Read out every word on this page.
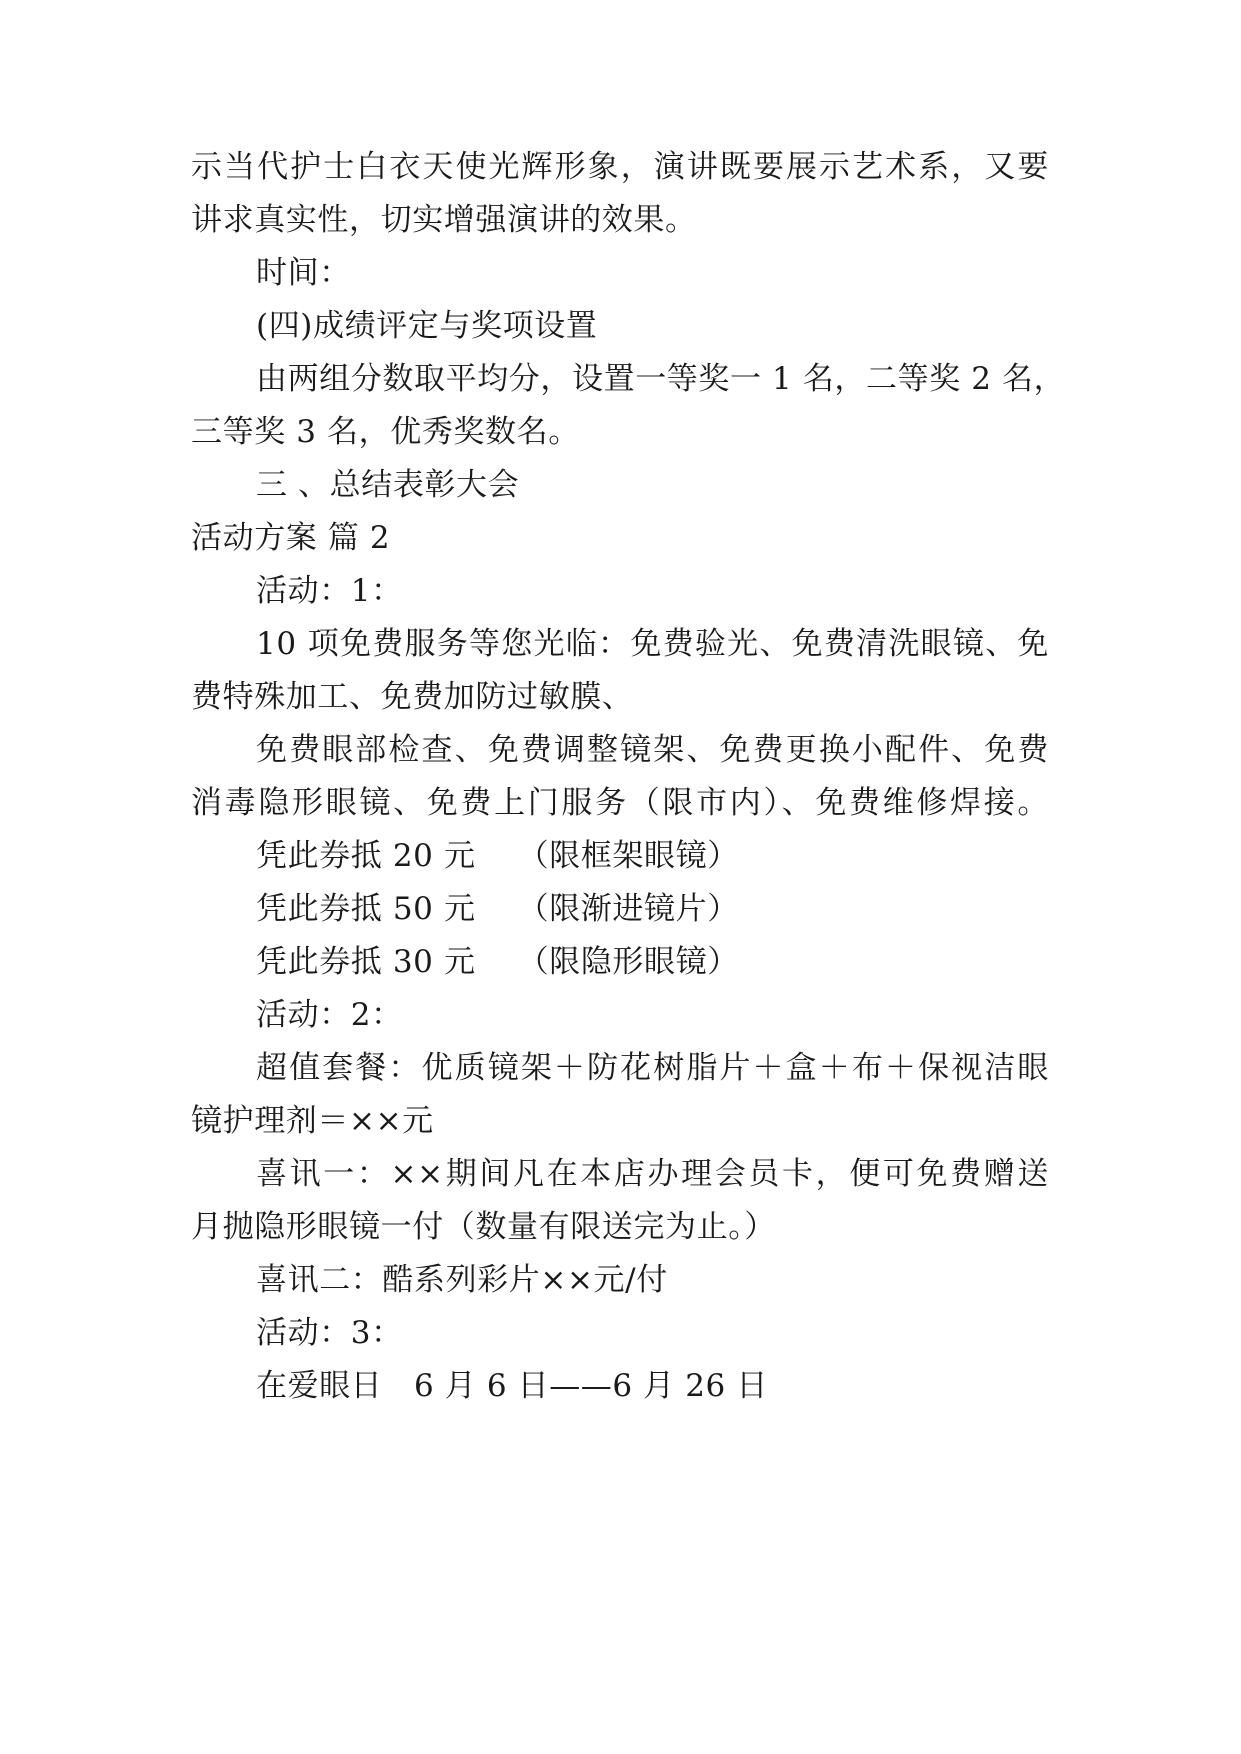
示当代护士白衣天使光辉形象，演讲既要展示艺术系，又要

讲求真实性，切实增强演讲的效果。

时间：

(四)成绩评定与奖项设置

由两组分数取平均分，设置一等奖一 1 名，二等奖 2 名，

三等奖 3 名，优秀奖数名。

三 、总结表彰大会

活动方案 篇 2

活动：1：

10 项免费服务等您光临：免费验光、免费清洗眼镜、免

费特殊加工、免费加防过敏膜、

免费眼部检查、免费调整镜架、免费更换小配件、免费

消毒隐形眼镜、免费上门服务（限市内）、免费维修焊接。

凭此券抵 20 元　 （限框架眼镜）

凭此券抵 50 元　 （限渐进镜片）

凭此券抵 30 元　 （限隐形眼镜）

活动：2：

超值套餐：优质镜架＋防花树脂片＋盒＋布＋保视洁眼

镜护理剂＝××元

喜讯一：××期间凡在本店办理会员卡，便可免费赠送

月抛隐形眼镜一付（数量有限送完为止。）

喜讯二：酷系列彩片××元/付

活动：3：

在爱眼日　6 月 6 日——6 月 26 日
